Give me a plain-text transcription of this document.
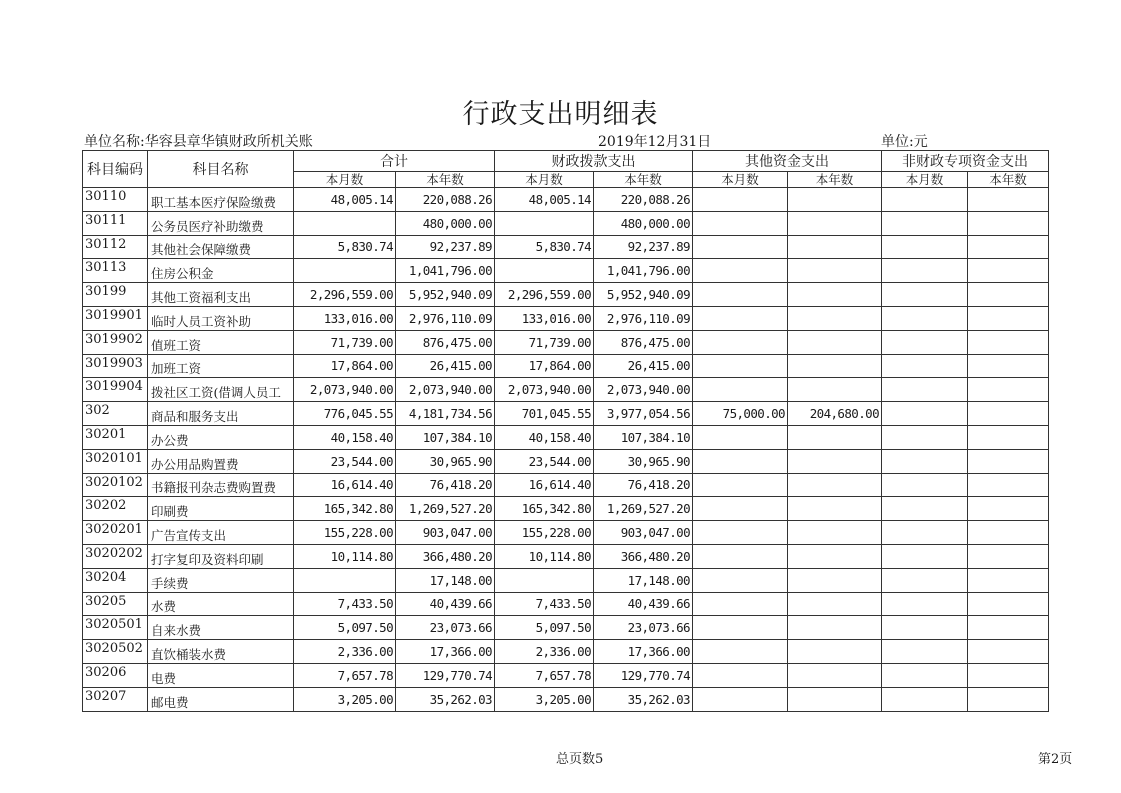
行政支出明细表
单位名称:华容县章华镇财政所机关账	2019年12月31日	单位:元
科目编码	科目名称	合计		财政拨款支出		其他资金支出		非财政专项资金支出	
		本月数	本年数	本月数	本年数	本月数	本年数	本月数	本年数
30110	职工基本医疗保险缴费	48,005.14	220,088.26	48,005.14	220,088.26				
30111	公务员医疗补助缴费		480,000.00		480,000.00				
30112	其他社会保障缴费	5,830.74	92,237.89	5,830.74	92,237.89				
30113	住房公积金		1,041,796.00		1,041,796.00				
30199	其他工资福利支出	2,296,559.00	5,952,940.09	2,296,559.00	5,952,940.09				
3019901	临时人员工资补助	133,016.00	2,976,110.09	133,016.00	2,976,110.09				
3019902	值班工资	71,739.00	876,475.00	71,739.00	876,475.00				
3019903	加班工资	17,864.00	26,415.00	17,864.00	26,415.00				
3019904	拨社区工资(借调人员工	2,073,940.00	2,073,940.00	2,073,940.00	2,073,940.00				
302	商品和服务支出	776,045.55	4,181,734.56	701,045.55	3,977,054.56	75,000.00	204,680.00		
30201	办公费	40,158.40	107,384.10	40,158.40	107,384.10				
3020101	办公用品购置费	23,544.00	30,965.90	23,544.00	30,965.90				
3020102	书籍报刊杂志费购置费	16,614.40	76,418.20	16,614.40	76,418.20				
30202	印刷费	165,342.80	1,269,527.20	165,342.80	1,269,527.20				
3020201	广告宣传支出	155,228.00	903,047.00	155,228.00	903,047.00				
3020202	打字复印及资料印刷	10,114.80	366,480.20	10,114.80	366,480.20				
30204	手续费		17,148.00		17,148.00				
30205	水费	7,433.50	40,439.66	7,433.50	40,439.66				
3020501	自来水费	5,097.50	23,073.66	5,097.50	23,073.66				
3020502	直饮桶装水费	2,336.00	17,366.00	2,336.00	17,366.00				
30206	电费	7,657.78	129,770.74	7,657.78	129,770.74				
30207	邮电费	3,205.00	35,262.03	3,205.00	35,262.03				
总页数5	第2页
